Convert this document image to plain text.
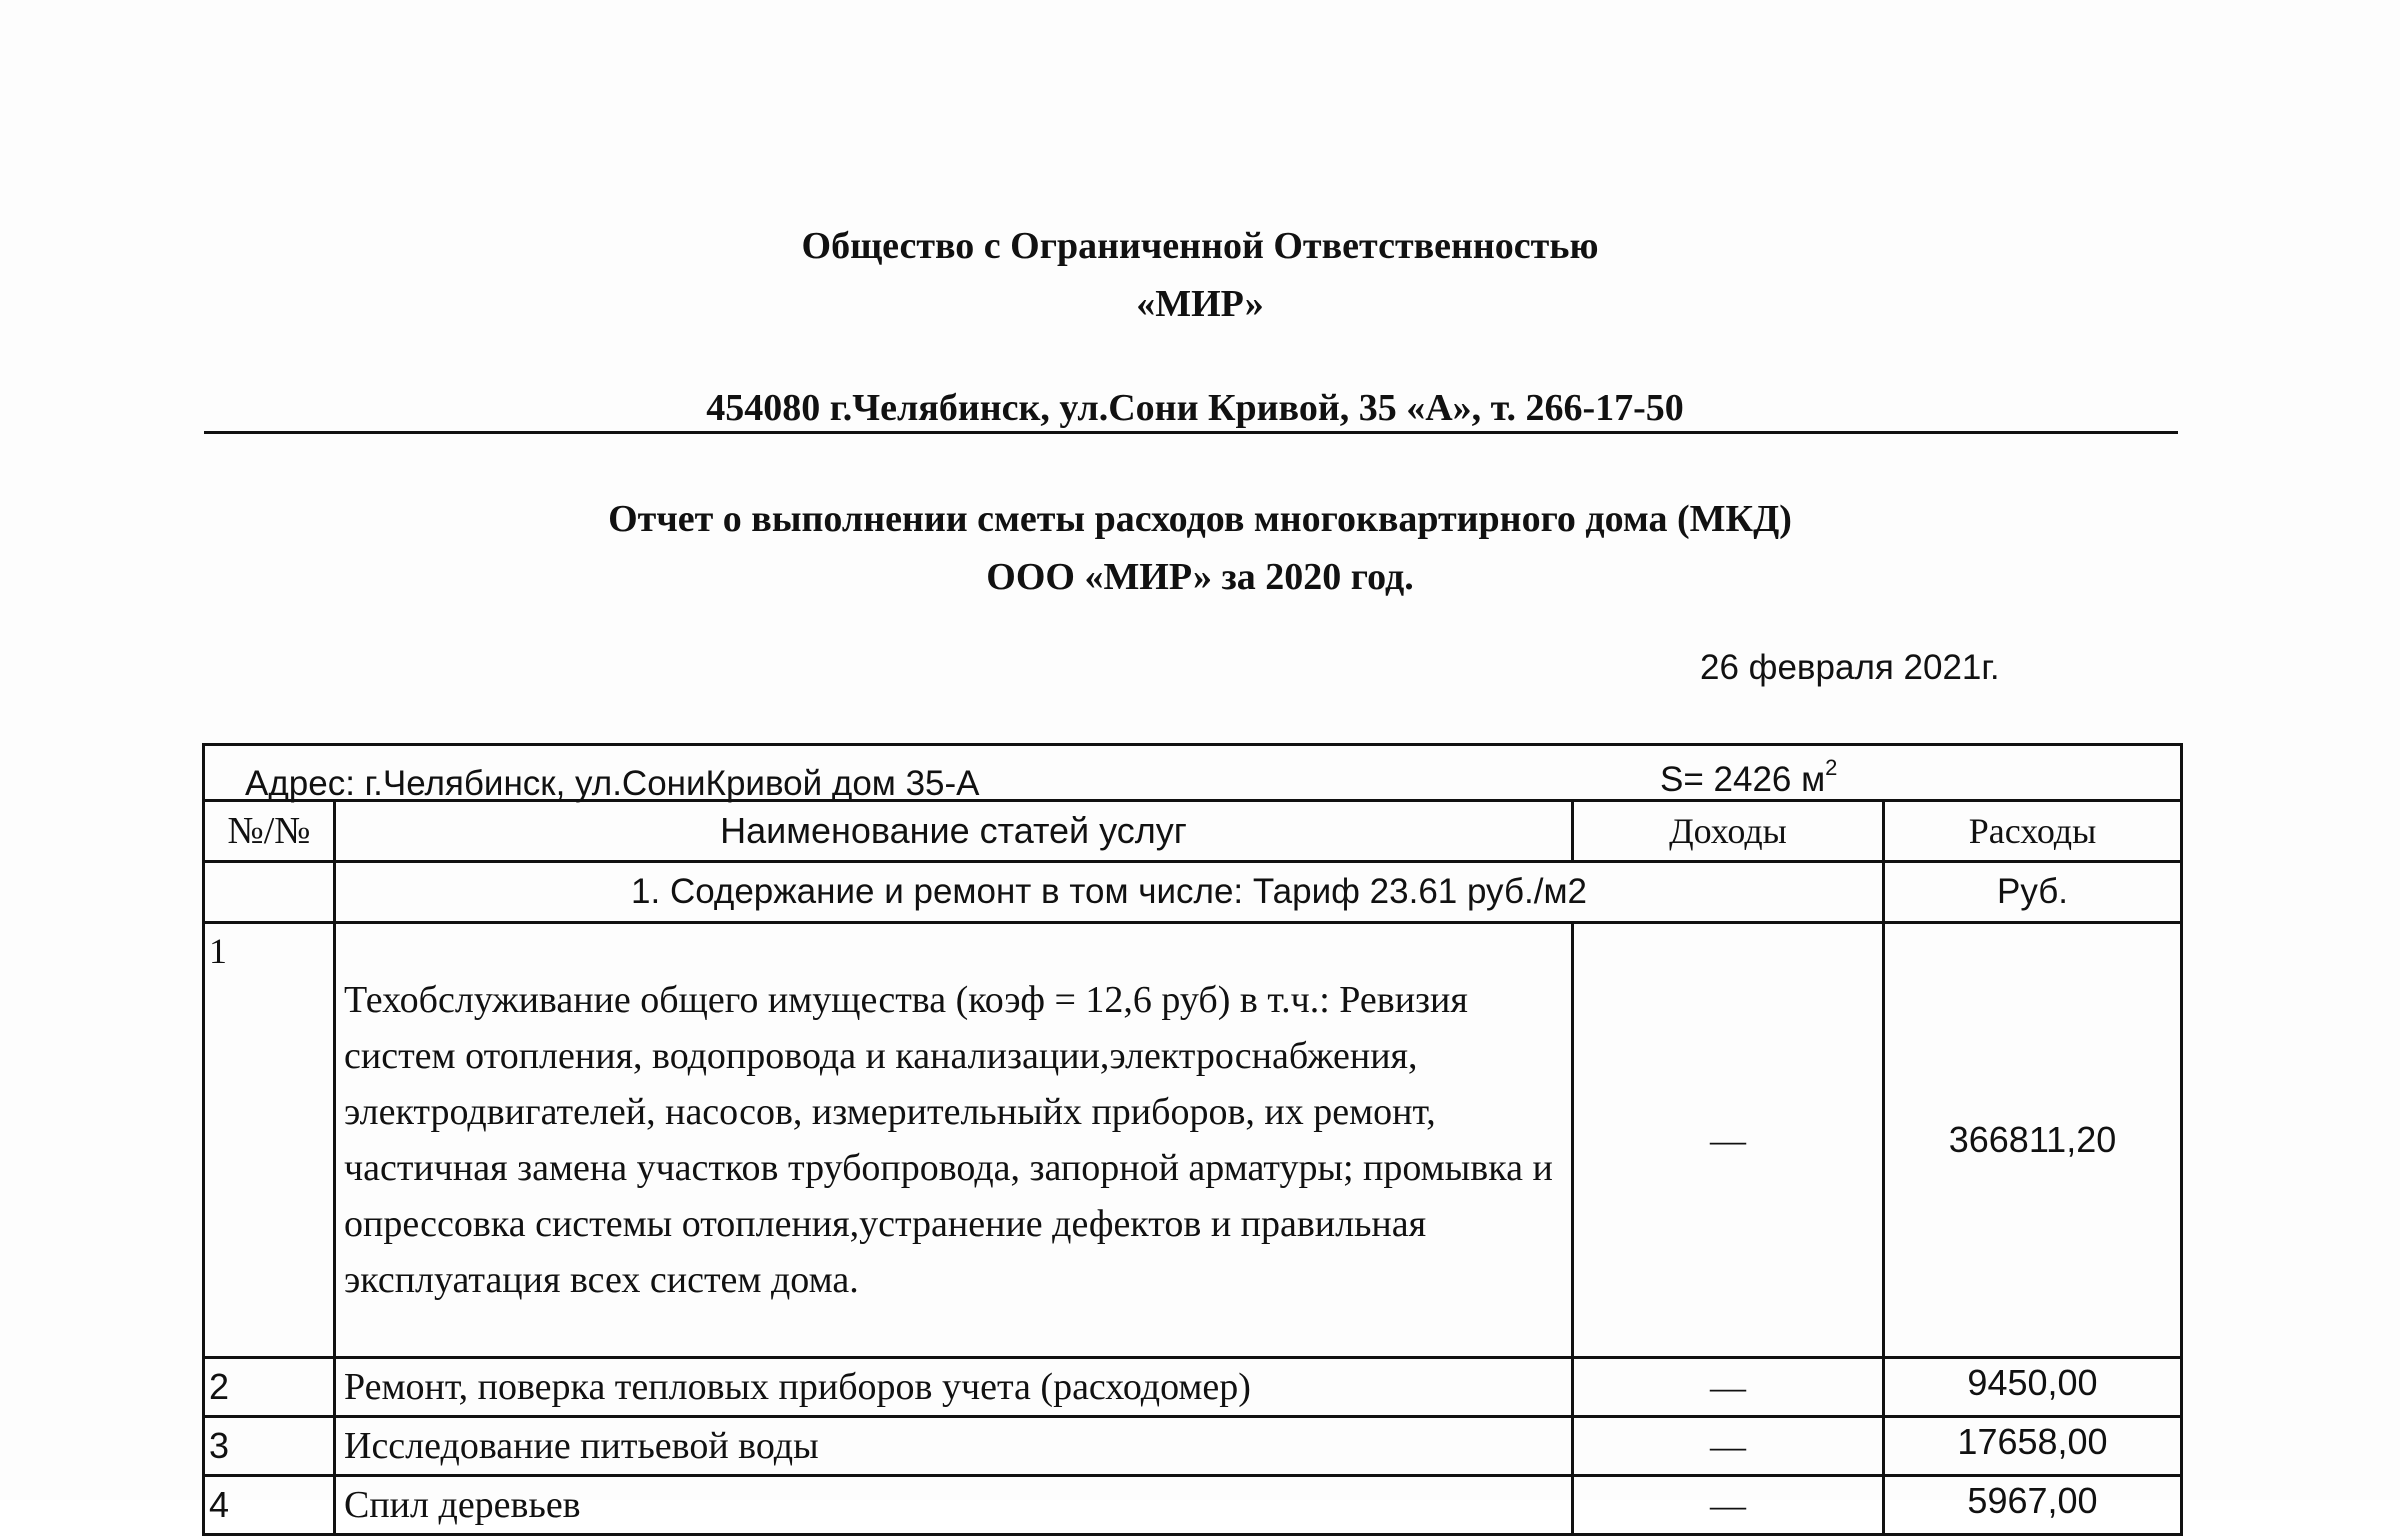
Общество с Ограниченной Ответственностью
«МИР»
454080 г.Челябинск, ул.Сони Кривой, 35 «А», т. 266-17-50
Отчет о выполнении сметы расходов многоквартирного дома (МКД)
ООО «МИР» за 2020 год.
26 февраля 2021г.
Адрес: г.Челябинск, ул.СониКривой дом 35-А S= 2426 $м^2$

№/№	Наименование статей услуг	Доходы	Расходы
	1. Содержание и ремонт в том числе: Тариф 23.61 руб./м2		Руб.
1	Техобслуживание общего имущества (коэф = 12,6 руб) в т.ч.: Ревизия систем отопления, водопровода и канализации,электроснабжения, электродвигателей, насосов, измерительныйх приборов, их ремонт, частичная замена участков трубопровода, запорной арматуры; промывка и опрессовка системы отопления,устранение дефектов и правильная эксплуатация всех систем дома.	—	366811,20
2	Ремонт, поверка тепловых приборов учета (расходомер)	—	9450,00
3	Исследование питьевой воды	—	17658,00
4	Спил деревьев	—	5967,00
